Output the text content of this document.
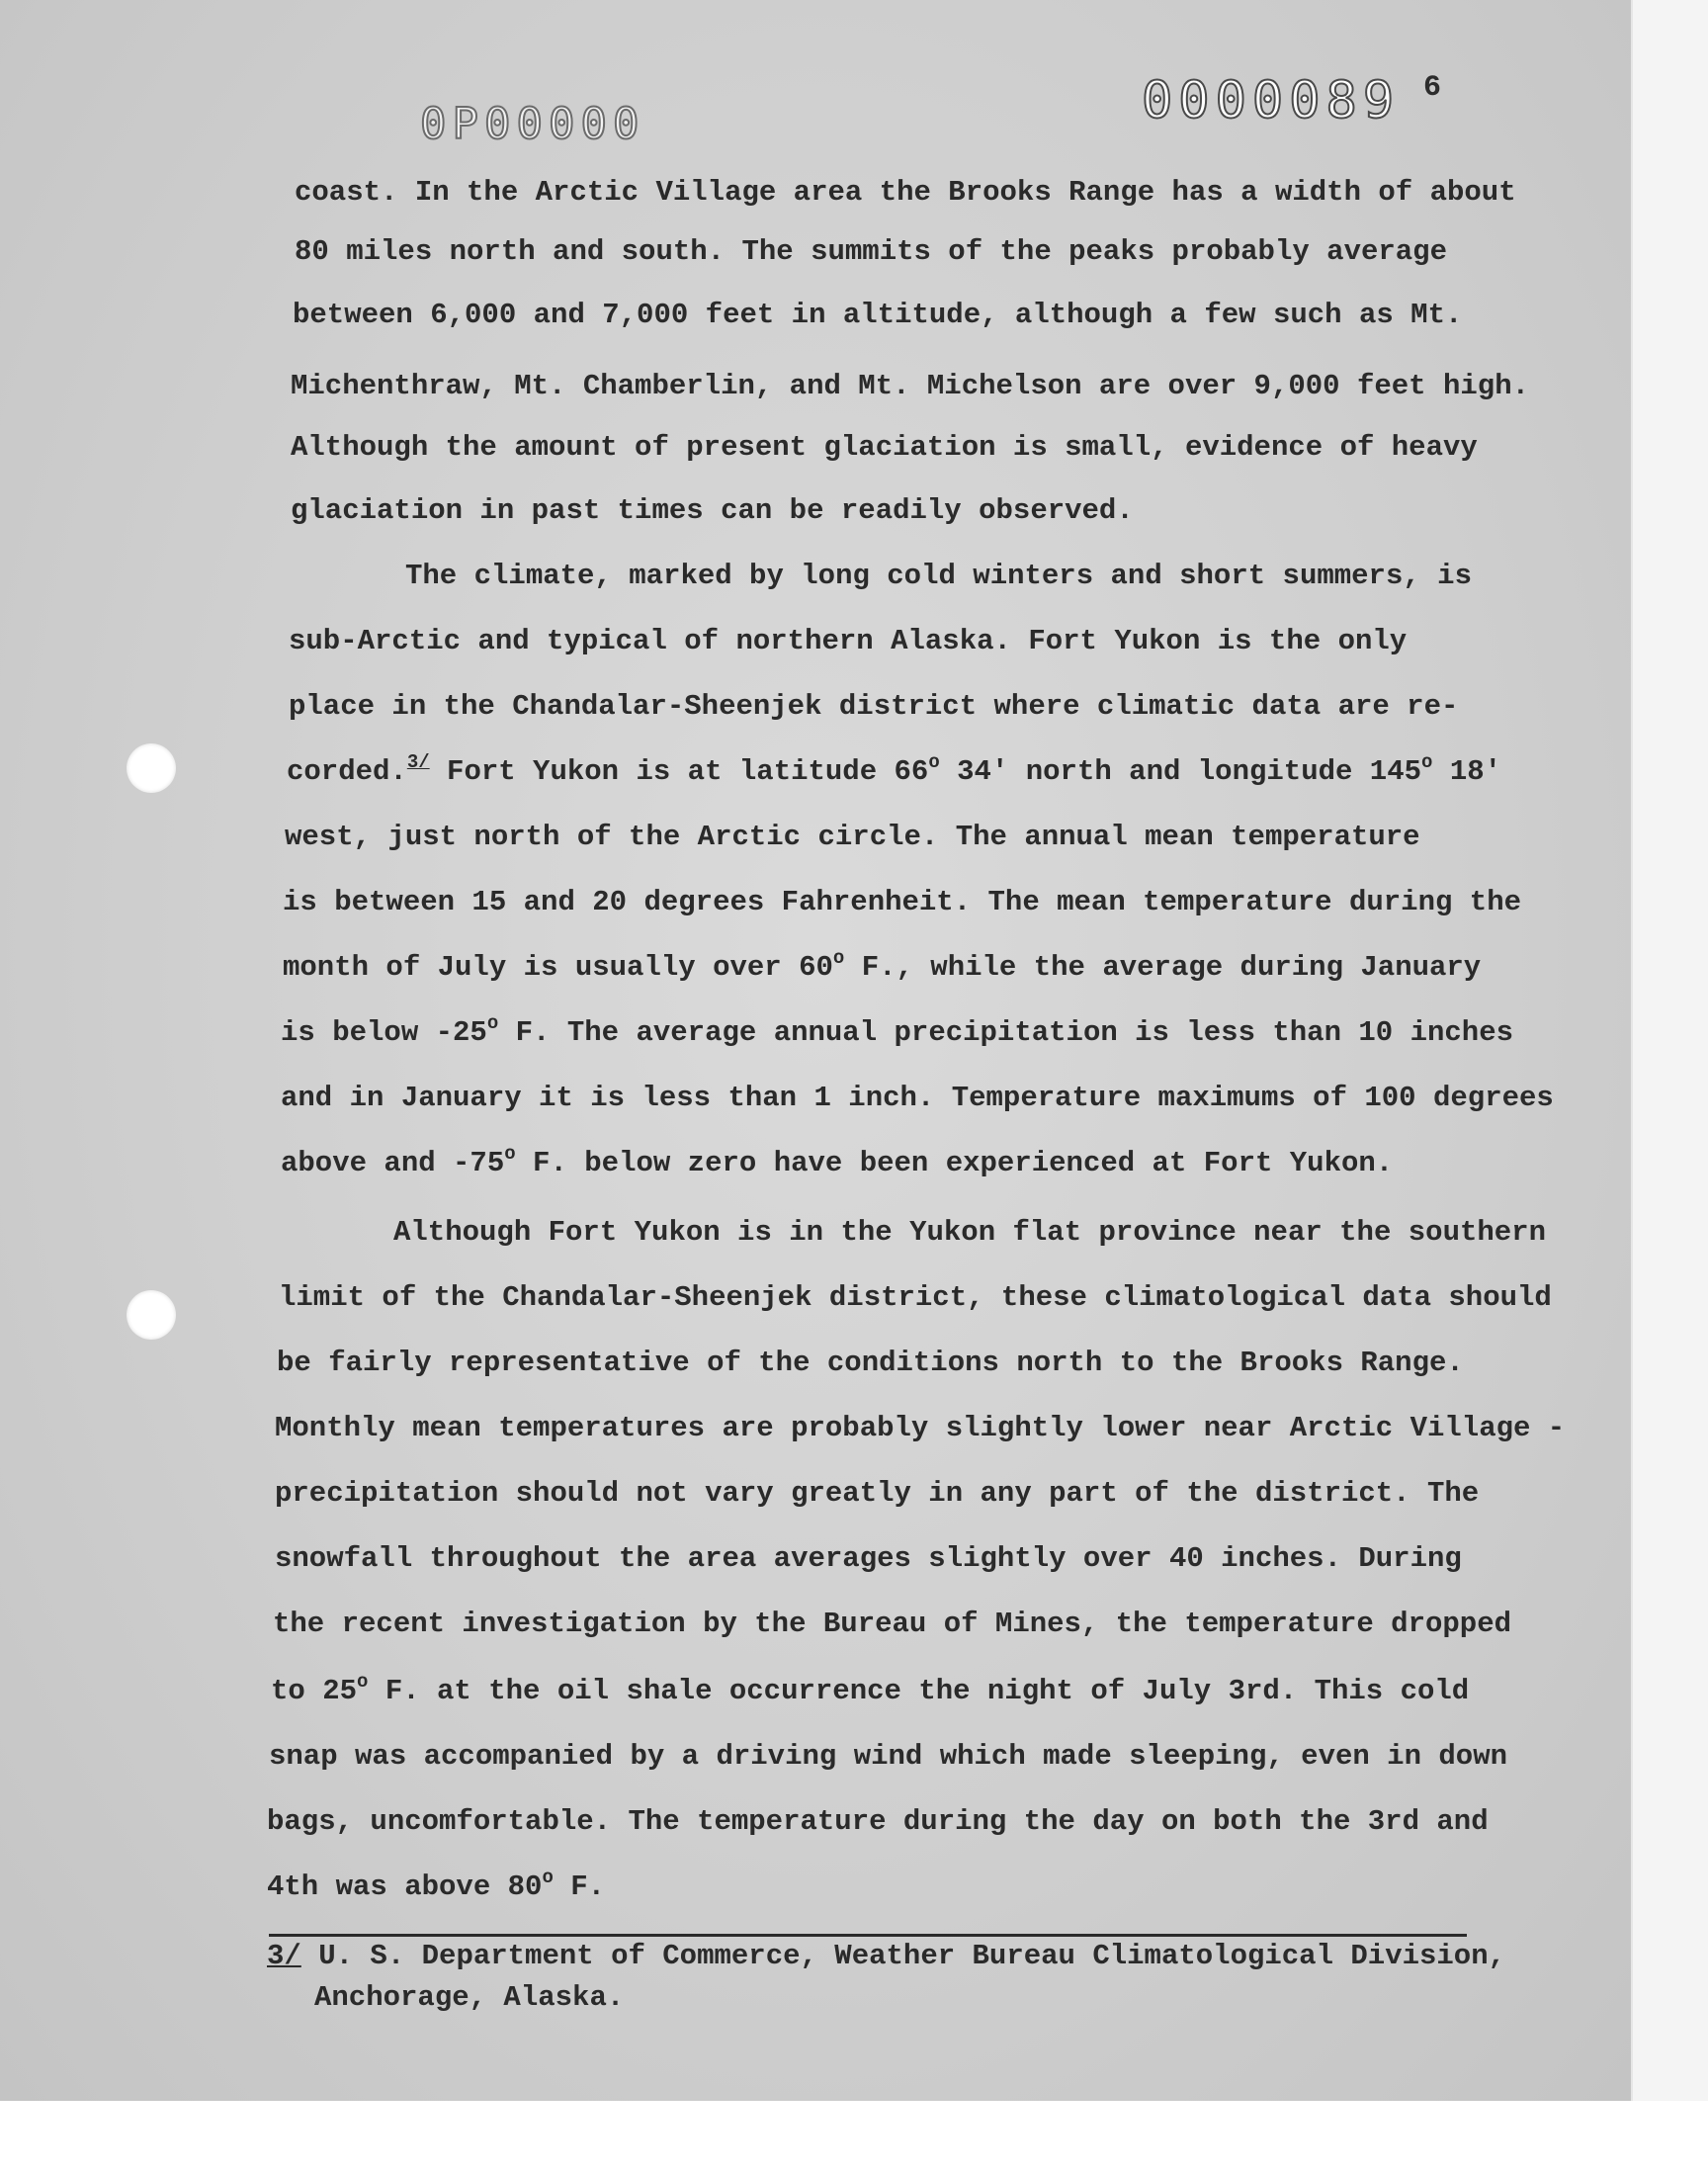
0P00000	0000089 6
coast. In the Arctic Village area the Brooks Range has a width of about
80 miles north and south. The summits of the peaks probably average
between 6,000 and 7,000 feet in altitude, although a few such as Mt.
Michenthraw, Mt. Chamberlin, and Mt. Michelson are over 9,000 feet high.
Although the amount of present glaciation is small, evidence of heavy
glaciation in past times can be readily observed.
The climate, marked by long cold winters and short summers, is
sub-Arctic and typical of northern Alaska. Fort Yukon is the only
place in the Chandalar-Sheenjek district where climatic data are re-
corded.$^{3/}$ Fort Yukon is at latitude 66$^o$ 34' north and longitude 145$^o$ 18'
west, just north of the Arctic circle. The annual mean temperature
is between 15 and 20 degrees Fahrenheit. The mean temperature during the
month of July is usually over 60$^o$ F., while the average during January
is below -25$^o$ F. The average annual precipitation is less than 10 inches
and in January it is less than 1 inch. Temperature maximums of 100 degrees
above and -75$^o$ F. below zero have been experienced at Fort Yukon.
Although Fort Yukon is in the Yukon flat province near the southern
limit of the Chandalar-Sheenjek district, these climatological data should
be fairly representative of the conditions north to the Brooks Range.
Monthly mean temperatures are probably slightly lower near Arctic Village -
precipitation should not vary greatly in any part of the district. The
snowfall throughout the area averages slightly over 40 inches. During
the recent investigation by the Bureau of Mines, the temperature dropped
to 25$^o$ F. at the oil shale occurrence the night of July 3rd. This cold
snap was accompanied by a driving wind which made sleeping, even in down
bags, uncomfortable. The temperature during the day on both the 3rd and
4th was above 80$^o$ F.
3/ U. S. Department of Commerce, Weather Bureau Climatological Division,
Anchorage, Alaska.
